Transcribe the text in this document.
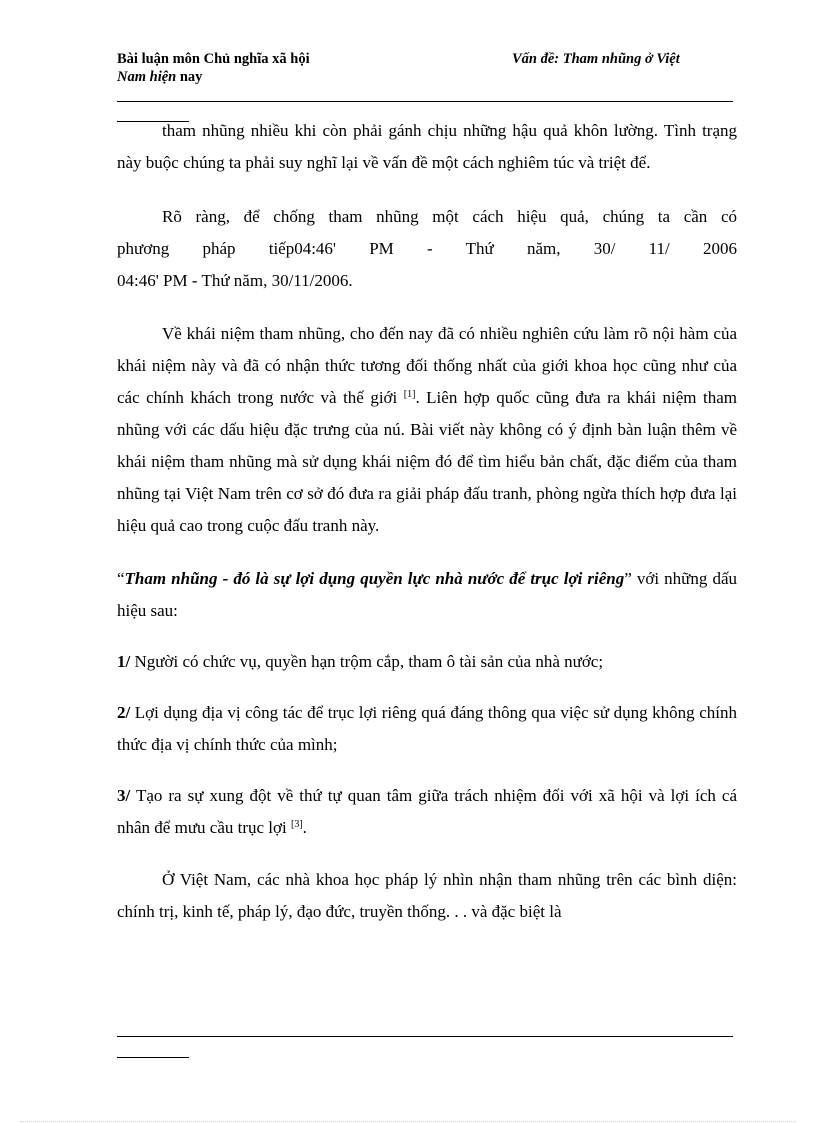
Bài luận môn Chủ nghĩa xã hội	Vấn đề: Tham nhũng ở Việt
Nam hiện nay

tham nhũng nhiều khi còn phải gánh chịu những hậu quả khôn lường. Tình trạng này buộc chúng ta phải suy nghĩ lại về vấn đề một cách nghiêm túc và triệt để.

Rõ ràng, để chống tham nhũng một cách hiệu quả, chúng ta cần có

phương pháp tiếp04:46' PM - Thứ năm, 30/ 11/ 2006

04:46' PM - Thứ năm, 30/11/2006.

Về khái niệm tham nhũng, cho đến nay đã có nhiều nghiên cứu làm rõ nội hàm của khái niệm này và đã có nhận thức tương đối thống nhất của giới khoa học cũng như của các chính khách trong nước và thế giới [1]. Liên hợp quốc cũng đưa ra khái niệm tham nhũng với các dấu hiệu đặc trưng của nú. Bài viết này không có ý định bàn luận thêm về khái niệm tham nhũng mà sử dụng khái niệm đó để tìm hiểu bản chất, đặc điểm của tham nhũng tại Việt Nam trên cơ sở đó đưa ra giải pháp đấu tranh, phòng ngừa thích hợp đưa lại hiệu quả cao trong cuộc đấu tranh này.

“Tham nhũng - đó là sự lợi dụng quyền lực nhà nước để trục lợi riêng” với những dấu hiệu sau:

1/ Người có chức vụ, quyền hạn trộm cắp, tham ô tài sản của nhà nước;

2/ Lợi dụng địa vị công tác để trục lợi riêng quá đáng thông qua việc sử dụng không chính thức địa vị chính thức của mình;

3/ Tạo ra sự xung đột về thứ tự quan tâm giữa trách nhiệm đối với xã hội và lợi ích cá nhân để mưu cầu trục lợi [3].

Ở Việt Nam, các nhà khoa học pháp lý nhìn nhận tham nhũng trên các bình diện: chính trị, kinh tế, pháp lý, đạo đức, truyền thống. . . và đặc biệt là
